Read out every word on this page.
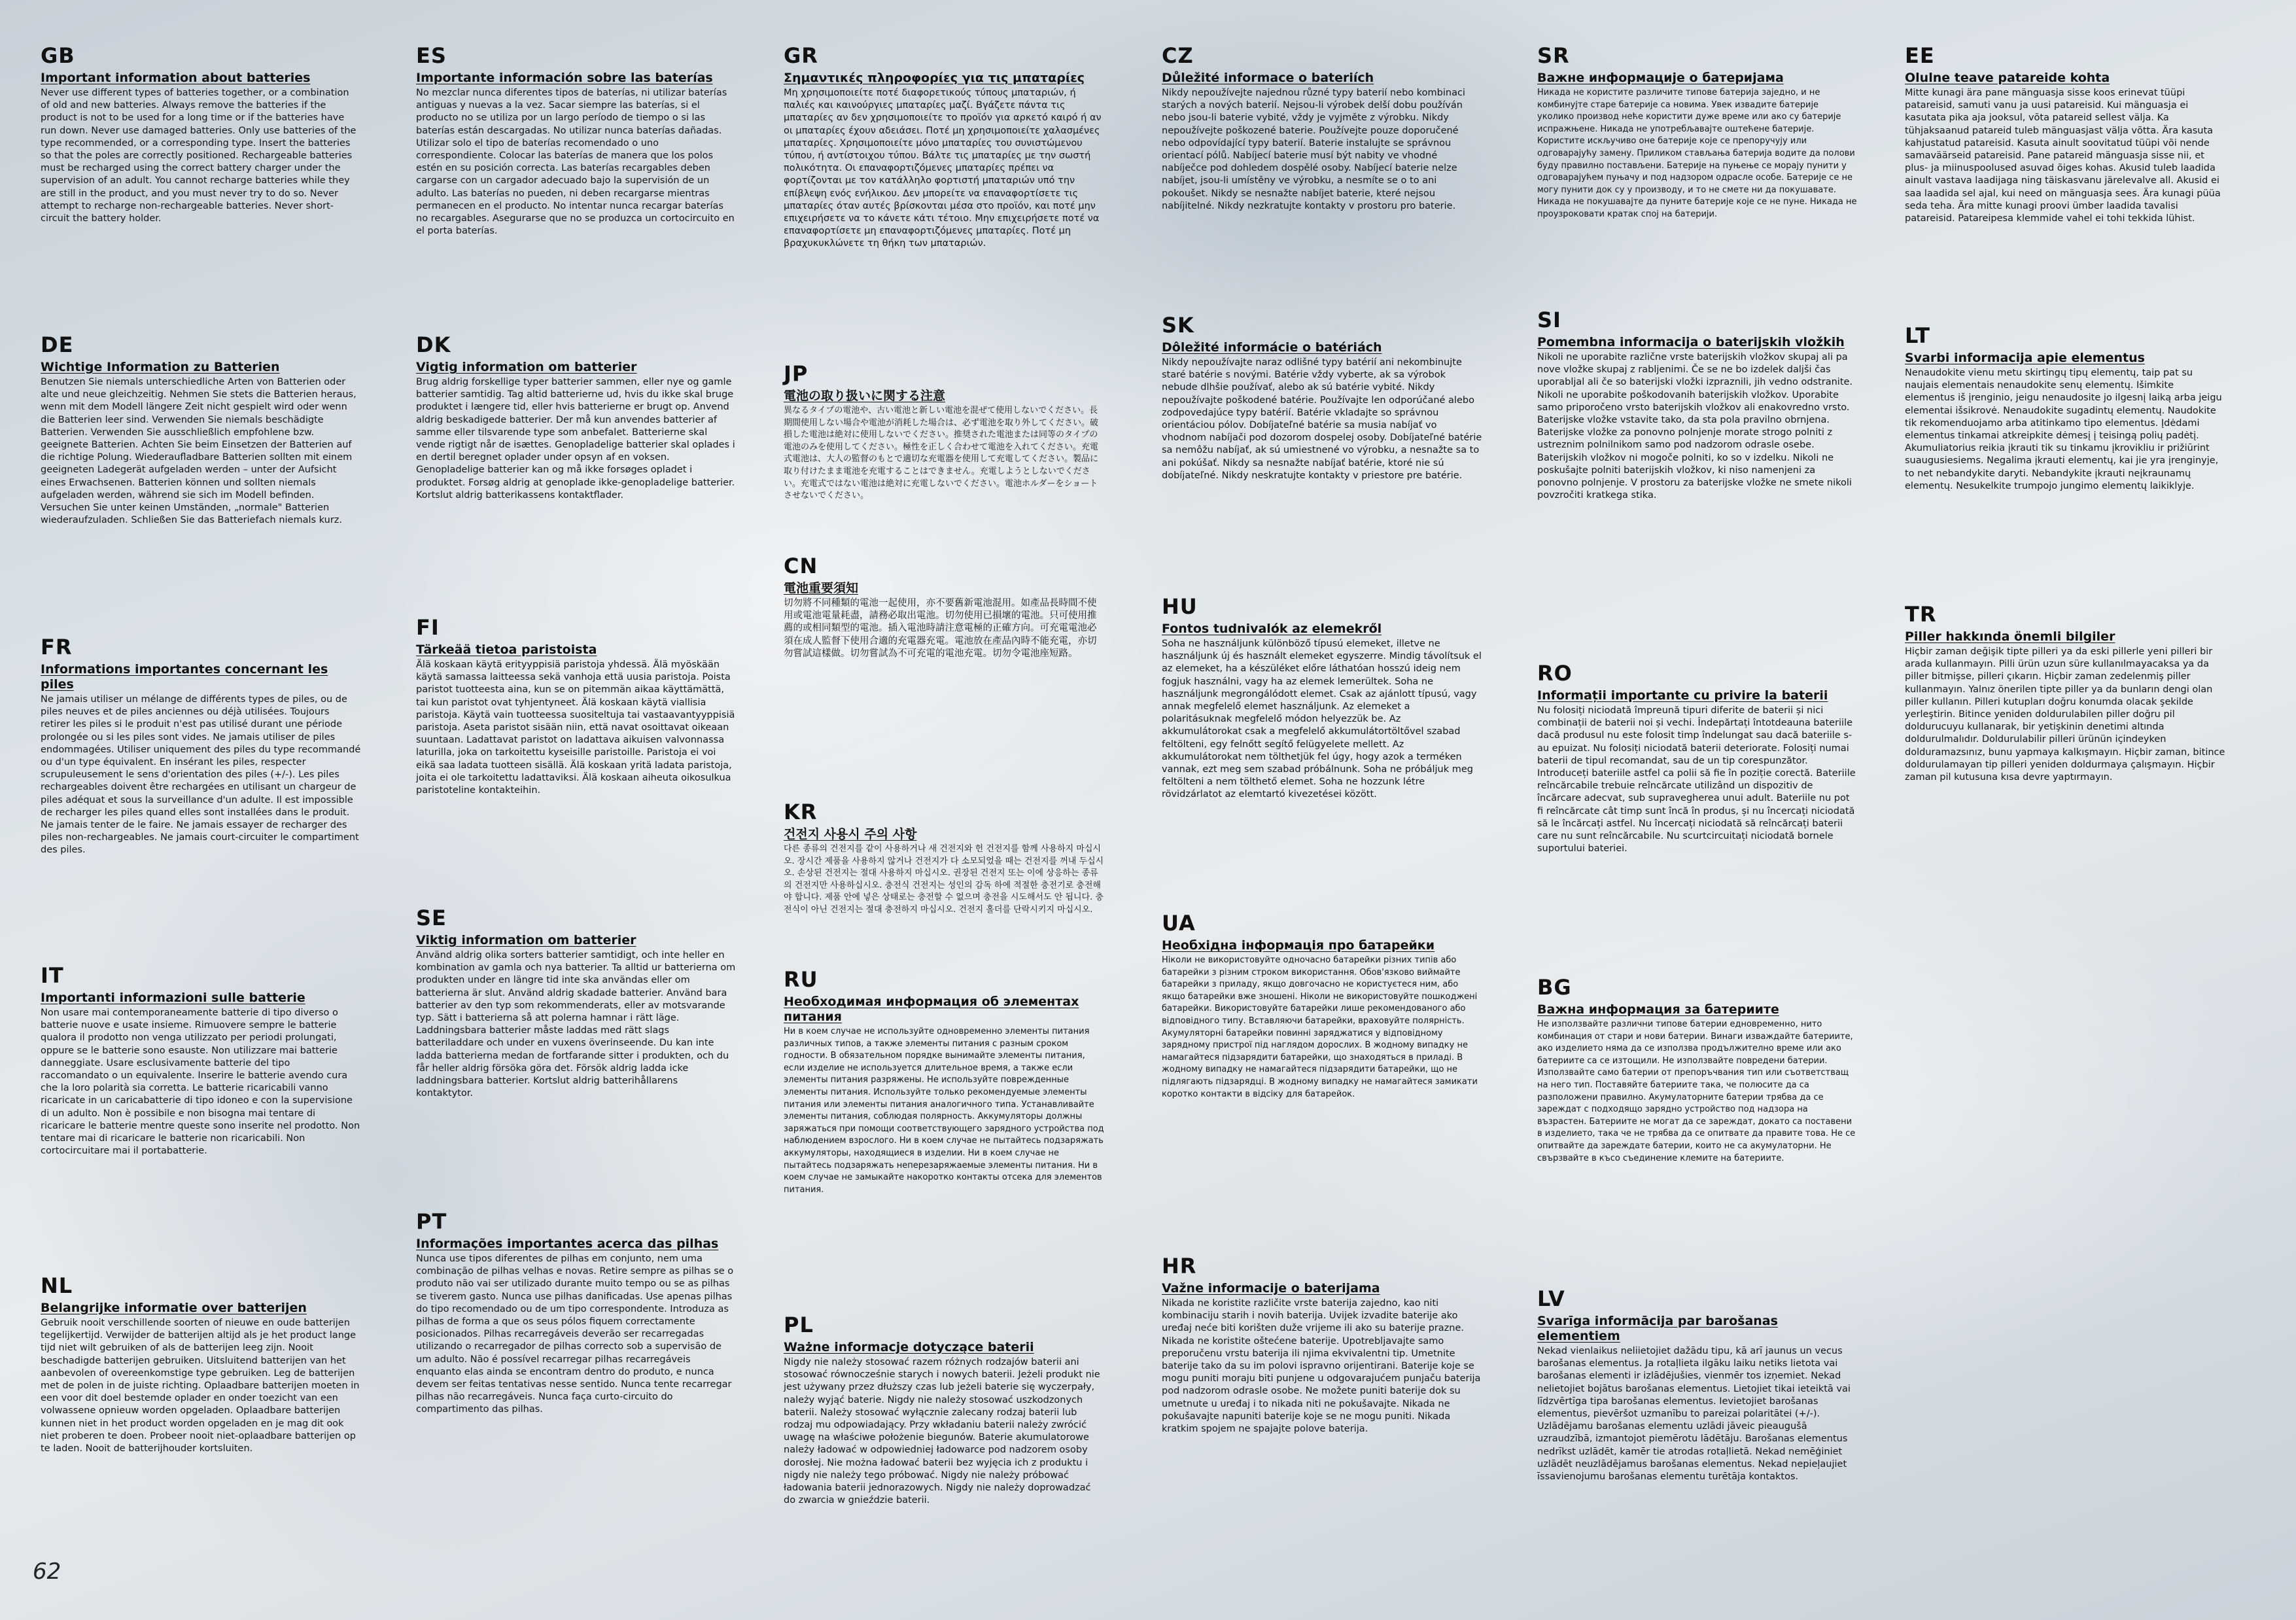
GB
Important information about batteries

Never use different types of batteries together, or a combination of old and new batteries. Always remove the batteries if the product is not to be used for a long time or if the batteries have run down. Never use damaged batteries. Only use batteries of the type recommended, or a corresponding type. Insert the batteries so that the poles are correctly positioned. Rechargeable batteries must be recharged using the correct battery charger under the supervision of an adult. You cannot recharge batteries while they are still in the product, and you must never try to do so. Never attempt to recharge non-rechargeable batteries. Never short-circuit the battery holder.

DE
Wichtige Information zu Batterien

Benutzen Sie niemals unterschiedliche Arten von Batterien oder alte und neue gleichzeitig. Nehmen Sie stets die Batterien heraus, wenn mit dem Modell längere Zeit nicht gespielt wird oder wenn die Batterien leer sind. Verwenden Sie niemals beschädigte Batterien. Verwenden Sie ausschließlich empfohlene bzw. geeignete Batterien. Achten Sie beim Einsetzen der Batterien auf die richtige Polung. Wiederaufladbare Batterien sollten mit einem geeigneten Ladegerät aufgeladen werden – unter der Aufsicht eines Erwachsenen. Batterien können und sollten niemals aufgeladen werden, während sie sich im Modell befinden. Versuchen Sie unter keinen Umständen, „normale" Batterien wiederaufzuladen. Schließen Sie das Batteriefach niemals kurz.

FR
Informations importantes concernant les piles

Ne jamais utiliser un mélange de différents types de piles, ou de piles neuves et de piles anciennes ou déjà utilisées. Toujours retirer les piles si le produit n'est pas utilisé durant une période prolongée ou si les piles sont vides. Ne jamais utiliser de piles endommagées. Utiliser uniquement des piles du type recommandé ou d'un type équivalent. En insérant les piles, respecter scrupuleusement le sens d'orientation des piles (+/-). Les piles rechargeables doivent être rechargées en utilisant un chargeur de piles adéquat et sous la surveillance d'un adulte. Il est impossible de recharger les piles quand elles sont installées dans le produit. Ne jamais tenter de le faire. Ne jamais essayer de recharger des piles non-rechargeables. Ne jamais court-circuiter le compartiment des piles.

IT
Importanti informazioni sulle batterie

Non usare mai contemporaneamente batterie di tipo diverso o batterie nuove e usate insieme. Rimuovere sempre le batterie qualora il prodotto non venga utilizzato per periodi prolungati, oppure se le batterie sono esauste. Non utilizzare mai batterie danneggiate. Usare esclusivamente batterie del tipo raccomandato o un equivalente. Inserire le batterie avendo cura che la loro polarità sia corretta. Le batterie ricaricabili vanno ricaricate in un caricabatterie di tipo idoneo e con la supervisione di un adulto. Non è possibile e non bisogna mai tentare di ricaricare le batterie mentre queste sono inserite nel prodotto. Non tentare mai di ricaricare le batterie non ricaricabili. Non cortocircuitare mai il portabatterie.

NL
Belangrijke informatie over batterijen

Gebruik nooit verschillende soorten of nieuwe en oude batterijen tegelijkertijd. Verwijder de batterijen altijd als je het product lange tijd niet wilt gebruiken of als de batterijen leeg zijn. Nooit beschadigde batterijen gebruiken. Uitsluitend batterijen van het aanbevolen of overeenkomstige type gebruiken. Leg de batterijen met de polen in de juiste richting. Oplaadbare batterijen moeten in een voor dit doel bestemde oplader en onder toezicht van een volwassene opnieuw worden opgeladen. Oplaadbare batterijen kunnen niet in het product worden opgeladen en je mag dit ook niet proberen te doen. Probeer nooit niet-oplaadbare batterijen op te laden. Nooit de batterijhouder kortsluiten.

ES
Importante información sobre las baterías

No mezclar nunca diferentes tipos de baterías, ni utilizar baterías antiguas y nuevas a la vez. Sacar siempre las baterías, si el producto no se utiliza por un largo período de tiempo o si las baterías están descargadas. No utilizar nunca baterías dañadas. Utilizar solo el tipo de baterías recomendado o uno correspondiente. Colocar las baterías de manera que los polos estén en su posición correcta. Las baterías recargables deben cargarse con un cargador adecuado bajo la supervisión de un adulto. Las baterías no pueden, ni deben recargarse mientras permanecen en el producto. No intentar nunca recargar baterías no recargables. Asegurarse que no se produzca un cortocircuito en el porta baterías.

DK
Vigtig information om batterier

Brug aldrig forskellige typer batterier sammen, eller nye og gamle batterier samtidig. Tag altid batterierne ud, hvis du ikke skal bruge produktet i længere tid, eller hvis batterierne er brugt op. Anvend aldrig beskadigede batterier. Der må kun anvendes batterier af samme eller tilsvarende type som anbefalet. Batterierne skal vende rigtigt når de isættes. Genopladelige batterier skal oplades i en dertil beregnet oplader under opsyn af en voksen. Genopladelige batterier kan og må ikke forsøges opladet i produktet. Forsøg aldrig at genoplade ikke-genopladelige batterier. Kortslut aldrig batterikassens kontaktflader.

FI
Tärkeää tietoa paristoista

Älä koskaan käytä erityyppisiä paristoja yhdessä. Älä myöskään käytä samassa laitteessa sekä vanhoja että uusia paristoja. Poista paristot tuotteesta aina, kun se on pitemmän aikaa käyttämättä, tai kun paristot ovat tyhjentyneet. Älä koskaan käytä viallisia paristoja. Käytä vain tuotteessa suositeltuja tai vastaavantyyppisiä paristoja. Aseta paristot sisään niin, että navat osoittavat oikeaan suuntaan. Ladattavat paristot on ladattava aikuisen valvonnassa laturilla, joka on tarkoitettu kyseisille paristoille. Paristoja ei voi eikä saa ladata tuotteen sisällä. Älä koskaan yritä ladata paristoja, joita ei ole tarkoitettu ladattaviksi. Älä koskaan aiheuta oikosulkua paristoteline kontakteihin.

SE
Viktig information om batterier

Använd aldrig olika sorters batterier samtidigt, och inte heller en kombination av gamla och nya batterier. Ta alltid ur batterierna om produkten under en längre tid inte ska användas eller om batterierna är slut. Använd aldrig skadade batterier. Använd bara batterier av den typ som rekommenderats, eller av motsvarande typ. Sätt i batterierna så att polerna hamnar i rätt läge. Laddningsbara batterier måste laddas med rätt slags batteriladdare och under en vuxens överinseende. Du kan inte ladda batterierna medan de fortfarande sitter i produkten, och du får heller aldrig försöka göra det. Försök aldrig ladda icke laddningsbara batterier. Kortslut aldrig batterihållarens kontaktytor.

PT
Informações importantes acerca das pilhas

Nunca use tipos diferentes de pilhas em conjunto, nem uma combinação de pilhas velhas e novas. Retire sempre as pilhas se o produto não vai ser utilizado durante muito tempo ou se as pilhas se tiverem gasto. Nunca use pilhas danificadas. Use apenas pilhas do tipo recomendado ou de um tipo correspondente. Introduza as pilhas de forma a que os seus pólos fiquem correctamente posicionados. Pilhas recarregáveis deverão ser recarregadas utilizando o recarregador de pilhas correcto sob a supervisão de um adulto. Não é possível recarregar pilhas recarregáveis enquanto elas ainda se encontram dentro do produto, e nunca devem ser feitas tentativas nesse sentido. Nunca tente recarregar pilhas não recarregáveis. Nunca faça curto-circuito do compartimento das pilhas.

GR
Σημαντικές πληροφορίες για τις μπαταρίες

Μη χρησιμοποιείτε ποτέ διαφορετικούς τύπους μπαταριών, ή παλιές και καινούργιες μπαταρίες μαζί. Βγάζετε πάντα τις μπαταρίες αν δεν χρησιμοποιείτε το προϊόν για αρκετό καιρό ή αν οι μπαταρίες έχουν αδειάσει. Ποτέ μη χρησιμοποιείτε χαλασμένες μπαταρίες. Χρησιμοποιείτε μόνο μπαταρίες του συνιστώμενου τύπου, ή αντίστοιχου τύπου. Βάλτε τις μπαταρίες με την σωστή πολικότητα. Οι επαναφορτιζόμενες μπαταρίες πρέπει να φορτίζονται με τον κατάλληλο φορτιστή μπαταριών υπό την επίβλεψη ενός ενήλικου. Δεν μπορείτε να επαναφορτίσετε τις μπαταρίες όταν αυτές βρίσκονται μέσα στο προϊόν, και ποτέ μην επιχειρήσετε να το κάνετε κάτι τέτοιο. Μην επιχειρήσετε ποτέ να επαναφορτίσετε μη επαναφορτιζόμενες μπαταρίες. Ποτέ μη βραχυκυκλώνετε τη θήκη των μπαταριών.

JP
電池の取り扱いに関する注意

異なるタイプの電池や、古い電池と新しい電池を混ぜて使用しないでください。長期間使用しない場合や電池が消耗した場合は、必ず電池を取り外してください。破損した電池は絶対に使用しないでください。推奨された電池または同等のタイプの電池のみを使用してください。極性を正しく合わせて電池を入れてください。充電式電池は、大人の監督のもとで適切な充電器を使用して充電してください。製品に取り付けたまま電池を充電することはできません。充電しようとしないでください。充電式ではない電池は絶対に充電しないでください。電池ホルダーをショートさせないでください。

CN
電池重要須知

切勿將不同種類的電池一起使用，亦不要舊新電池混用。如產品長時間不使用或電池電量耗盡，請務必取出電池。切勿使用已損壞的電池。只可使用推薦的或相同類型的電池。插入電池時請注意電極的正確方向。可充電電池必須在成人監督下使用合適的充電器充電。電池放在產品內時不能充電，亦切勿嘗試這樣做。切勿嘗試為不可充電的電池充電。切勿令電池座短路。

KR
건전지 사용시 주의 사항

다른 종류의 건전지를 같이 사용하거나 새 건전지와 헌 건전지를 함께 사용하지 마십시오. 장시간 제품을 사용하지 않거나 건전지가 다 소모되었을 때는 건전지를 꺼내 두십시오. 손상된 건전지는 절대 사용하지 마십시오. 권장된 건전지 또는 이에 상응하는 종류의 건전지만 사용하십시오. 충전식 건전지는 성인의 감독 하에 적절한 충전기로 충전해야 합니다. 제품 안에 넣은 상태로는 충전할 수 없으며 충전을 시도해서도 안 됩니다. 충전식이 아닌 건전지는 절대 충전하지 마십시오. 건전지 홀더를 단락시키지 마십시오.

RU
Необходимая информация об элементах питания

Ни в коем случае не используйте одновременно элементы питания различных типов, а также элементы питания с разным сроком годности. В обязательном порядке вынимайте элементы питания, если изделие не используется длительное время, а также если элементы питания разряжены. Не используйте поврежденные элементы питания. Используйте только рекомендуемые элементы питания или элементы питания аналогичного типа. Устанавливайте элементы питания, соблюдая полярность. Аккумуляторы должны заряжаться при помощи соответствующего зарядного устройства под наблюдением взрослого. Ни в коем случае не пытайтесь подзаряжать аккумуляторы, находящиеся в изделии. Ни в коем случае не пытайтесь подзаряжать неперезаряжаемые элементы питания. Ни в коем случае не замыкайте накоротко контакты отсека для элементов питания.

PL
Ważne informacje dotyczące baterii

Nigdy nie należy stosować razem różnych rodzajów baterii ani stosować równocześnie starych i nowych baterii. Jeżeli produkt nie jest używany przez dłuższy czas lub jeżeli baterie się wyczerpały, należy wyjąć baterie. Nigdy nie należy stosować uszkodzonych baterii. Należy stosować wyłącznie zalecany rodzaj baterii lub rodzaj mu odpowiadający. Przy wkładaniu baterii należy zwrócić uwagę na właściwe położenie biegunów. Baterie akumulatorowe należy ładować w odpowiedniej ładowarce pod nadzorem osoby dorosłej. Nie można ładować baterii bez wyjęcia ich z produktu i nigdy nie należy tego próbować. Nigdy nie należy próbować ładowania baterii jednorazowych. Nigdy nie należy doprowadzać do zwarcia w gnieździe baterii.

CZ
Důležité informace o bateriích

Nikdy nepoužívejte najednou různé typy baterií nebo kombinaci starých a nových baterií. Nejsou-li výrobek delší dobu používán nebo jsou-li baterie vybité, vždy je vyjměte z výrobku. Nikdy nepoužívejte poškozené baterie. Používejte pouze doporučené nebo odpovídající typy baterií. Baterie instalujte se správnou orientací pólů. Nabíjecí baterie musí být nabity ve vhodné nabíječce pod dohledem dospělé osoby. Nabíjecí baterie nelze nabíjet, jsou-li umístěny ve výrobku, a nesmíte se o to ani pokoušet. Nikdy se nesnažte nabíjet baterie, které nejsou nabíjitelné. Nikdy nezkratujte kontakty v prostoru pro baterie.

SK
Dôležité informácie o batériách

Nikdy nepoužívajte naraz odlišné typy batérií ani nekombinujte staré batérie s novými. Batérie vždy vyberte, ak sa výrobok nebude dlhšie používať, alebo ak sú batérie vybité. Nikdy nepoužívajte poškodené batérie. Používajte len odporúčané alebo zodpovedajúce typy batérií. Batérie vkladajte so správnou orientáciou pólov. Dobíjateľné batérie sa musia nabíjať vo vhodnom nabíjači pod dozorom dospelej osoby. Dobíjateľné batérie sa nemôžu nabíjať, ak sú umiestnené vo výrobku, a nesnažte sa to ani pokúšať. Nikdy sa nesnažte nabíjať batérie, ktoré nie sú dobíjateľné. Nikdy neskratujte kontakty v priestore pre batérie.

HU
Fontos tudnivalók az elemekről

Soha ne használjunk különböző típusú elemeket, illetve ne használjunk új és használt elemeket egyszerre. Mindig távolítsuk el az elemeket, ha a készüléket előre láthatóan hosszú ideig nem fogjuk használni, vagy ha az elemek lemerültek. Soha ne használjunk megrongálódott elemet. Csak az ajánlott típusú, vagy annak megfelelő elemet használjunk. Az elemeket a polaritásuknak megfelelő módon helyezzük be. Az akkumulátorokat csak a megfelelő akkumulátortöltővel szabad feltölteni, egy felnőtt segítő felügyelete mellett. Az akkumulátorokat nem tölthetjük fel úgy, hogy azok a terméken vannak, ezt meg sem szabad próbálnunk. Soha ne próbáljuk meg feltölteni a nem tölthető elemet. Soha ne hozzunk létre rövidzárlatot az elemtartó kivezetései között.

UA
Необхідна інформація про батарейки

Ніколи не використовуйте одночасно батарейки різних типів або батарейки з різним строком використання. Обов'язково виймайте батарейки з приладу, якщо довгочасно не користуєтеся ним, або якщо батарейки вже зношені. Ніколи не використовуйте пошкоджені батарейки. Використовуйте батарейки лише рекомендованого або відповідного типу. Вставляючи батарейки, враховуйте полярність. Акумуляторні батарейки повинні заряджатися у відповідному зарядному пристрої під наглядом дорослих. В жодному випадку не намагайтеся підзарядити батарейки, що знаходяться в приладі. В жодному випадку не намагайтеся підзарядити батарейки, що не підлягають підзарядці. В жодному випадку не намагайтеся замикати коротко контакти в відсіку для батарейок.

HR
Važne informacije o baterijama

Nikada ne koristite različite vrste baterija zajedno, kao niti kombinaciju starih i novih baterija. Uvijek izvadite baterije ako uređaj neće biti korišten duže vrijeme ili ako su baterije prazne. Nikada ne koristite oštećene baterije. Upotrebljavajte samo preporučenu vrstu baterija ili njima ekvivalentni tip. Umetnite baterije tako da su im polovi ispravno orijentirani. Baterije koje se mogu puniti moraju biti punjene u odgovarajućem punjaču baterija pod nadzorom odrasle osobe. Ne možete puniti baterije dok su umetnute u uređaj i to nikada niti ne pokušavajte. Nikada ne pokušavajte napuniti baterije koje se ne mogu puniti. Nikada kratkim spojem ne spajajte polove baterija.

SR
Важне информације о батеријама

Никада не користите различите типове батерија заједно, и не комбинујте старе батерије са новима. Увек извадите батерије уколико производ неће користити дуже време или ако су батерије испражњене. Никада не употребљавајте оштећене батерије. Користите искључиво оне батерије које се препоручују или одговарајућу замену. Приликом стављања батерија водите да полови буду правилно постављени. Батерије на пуњење се морају пунити у одговарајућем пуњачу и под надзором одрасле особе. Батерије се не могу пунити док су у производу, и то не смете ни да покушавате. Никада не покушавајте да пуните батерије које се не пуне. Никада не проузроковати кратак спој на батерији.

SI
Pomembna informacija o baterijskih vložkih

Nikoli ne uporabite različne vrste baterijskih vložkov skupaj ali pa nove vložke skupaj z rabljenimi. Če se ne bo izdelek daljši čas uporabljal ali če so baterijski vložki izpraznili, jih vedno odstranite. Nikoli ne uporabite poškodovanih baterijskih vložkov. Uporabite samo priporočeno vrsto baterijskih vložkov ali enakovredno vrsto. Baterijske vložke vstavite tako, da sta pola pravilno obrnjena. Baterijske vložke za ponovno polnjenje morate strogo polniti z ustreznim polnilnikom samo pod nadzorom odrasle osebe. Baterijskih vložkov ni mogoče polniti, ko so v izdelku. Nikoli ne poskušajte polniti baterijskih vložkov, ki niso namenjeni za ponovno polnjenje. V prostoru za baterijske vložke ne smete nikoli povzročiti kratkega stika.

RO
Informații importante cu privire la baterii

Nu folosiți niciodată împreună tipuri diferite de baterii și nici combinații de baterii noi și vechi. Îndepărtați întotdeauna bateriile dacă produsul nu este folosit timp îndelungat sau dacă bateriile s-au epuizat. Nu folosiți niciodată baterii deteriorate. Folosiți numai baterii de tipul recomandat, sau de un tip corespunzător. Introduceți bateriile astfel ca polii să fie în poziție corectă. Bateriile reîncărcabile trebuie reîncărcate utilizând un dispozitiv de încărcare adecvat, sub supravegherea unui adult. Bateriile nu pot fi reîncărcate cât timp sunt încă în produs, și nu încercați niciodată să le încărcați astfel. Nu încercați niciodată să reîncărcați baterii care nu sunt reîncărcabile. Nu scurtcircuitați niciodată bornele suportului bateriei.

BG
Важна информация за батериите

Не използвайте различни типове батерии едновременно, нито комбинация от стари и нови батерии. Винаги изваждайте батериите, ако изделието няма да се използва продължително време или ако батериите са се изтощили. Не използвайте повредени батерии. Използвайте само батерии от препоръчвания тип или съответстващ на него тип. Поставяйте батериите така, че полюсите да са разположени правилно. Акумулаторните батерии трябва да се зареждат с подходящо зарядно устройство под надзора на възрастен. Батериите не могат да се зареждат, докато са поставени в изделието, така че не трябва да се опитвате да правите това. Не се опитвайте да зареждате батерии, които не са акумулаторни. Не свързвайте в късо съединение клемите на батериите.

LV
Svarīga informācija par barošanas elementiem

Nekad vienlaikus neliietojiet dažādu tipu, kā arī jaunus un vecus barošanas elementus. Ja rotaļlieta ilgāku laiku netiks lietota vai barošanas elementi ir izlādējušies, vienmēr tos izņemiet. Nekad nelietojiet bojātus barošanas elementus. Lietojiet tikai ieteiktā vai līdzvērtīga tipa barošanas elementus. Ievietojiet barošanas elementus, pievēršot uzmanību to pareizai polaritātei (+/-). Uzlādējamu barošanas elementu uzlādi jāveic pieaugušā uzraudzībā, izmantojot piemērotu lādētāju. Barošanas elementus nedrīkst uzlādēt, kamēr tie atrodas rotaļlietā. Nekad nemēģiniet uzlādēt neuzlādējamus barošanas elementus. Nekad nepieļaujiet īssavienojumu barošanas elementu turētāja kontaktos.

EE
Olulne teave patareide kohta

Mitte kunagi ära pane mänguasja sisse koos erinevat tüüpi patareisid, samuti vanu ja uusi patareisid. Kui mänguasja ei kasutata pika aja jooksul, võta patareid sellest välja. Ka tühjaksaanud patareid tuleb mänguasjast välja võtta. Ära kasuta kahjustatud patareisid. Kasuta ainult soovitatud tüüpi või nende samaväärseid patareisid. Pane patareid mänguasja sisse nii, et plus- ja miinuspoolused asuvad õiges kohas. Akusid tuleb laadida ainult vastava laadijaga ning täiskasvanu järelevalve all. Akusid ei saa laadida sel ajal, kui need on mänguasja sees. Ära kunagi püüa seda teha. Ära mitte kunagi proovi ümber laadida tavalisi patareisid. Patareipesa klemmide vahel ei tohi tekkida lühist.

LT
Svarbi informacija apie elementus

Nenaudokite vienu metu skirtingų tipų elementų, taip pat su naujais elementais nenaudokite senų elementų. Išimkite elementus iš įrenginio, jeigu nenaudosite jo ilgesnį laiką arba jeigu elementai išsikrovė. Nenaudokite sugadintų elementų. Naudokite tik rekomenduojamo arba atitinkamo tipo elementus. Įdėdami elementus tinkamai atkreipkite dėmesį į teisingą polių padėtį. Akumuliatorius reikia įkrauti tik su tinkamu įkrovikliu ir prižiūrint suaugusiesiems. Negalima įkrauti elementų, kai jie yra įrenginyje, to net nebandykite daryti. Nebandykite įkrauti neįkraunamų elementų. Nesukelkite trumpojo jungimo elementų laikiklyje.

TR
Piller hakkında önemli bilgiler

Hiçbir zaman değişik tipte pilleri ya da eski pillerle yeni pilleri bir arada kullanmayın. Pilli ürün uzun süre kullanılmayacaksa ya da piller bitmişse, pilleri çıkarın. Hiçbir zaman zedelenmiş piller kullanmayın. Yalnız önerilen tipte piller ya da bunların dengi olan piller kullanın. Pilleri kutupları doğru konumda olacak şekilde yerleştirin. Bitince yeniden doldurulabilen piller doğru pil doldurucuyu kullanarak, bir yetişkinin denetimi altında doldurulmalıdır. Doldurulabilir pilleri ürünün içindeyken dolduramazsınız, bunu yapmaya kalkışmayın. Hiçbir zaman, bitince doldurulamayan tip pilleri yeniden doldurmaya çalışmayın. Hiçbir zaman pil kutusuna kısa devre yaptırmayın.

62
